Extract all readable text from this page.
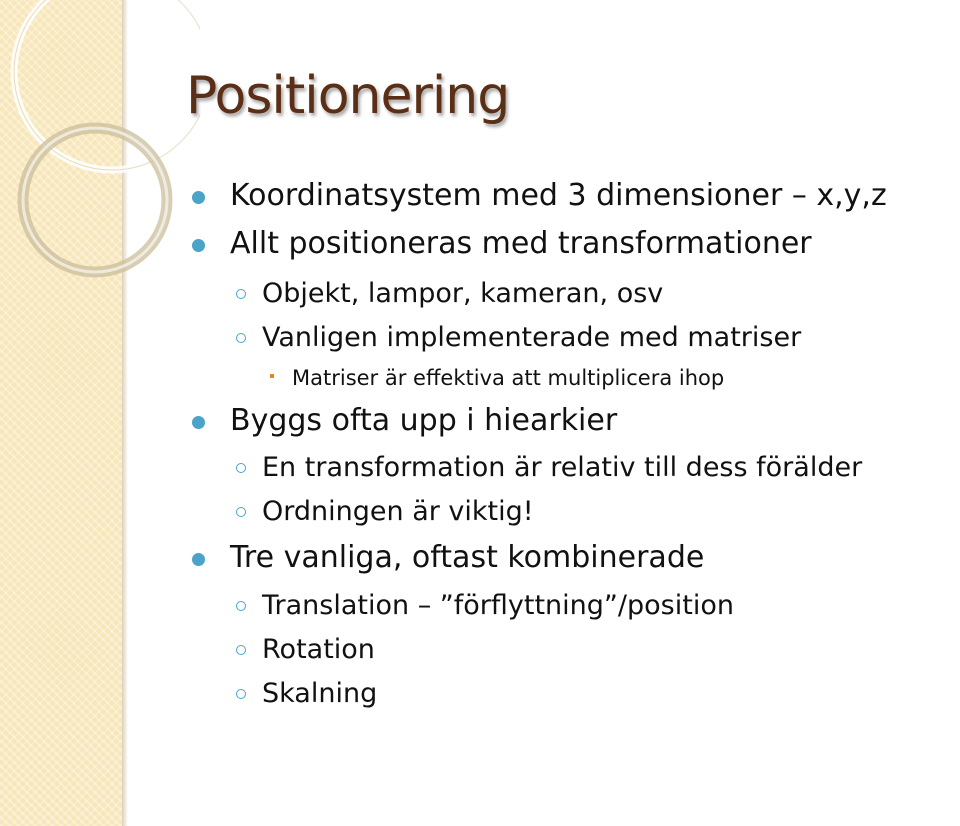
Positionering
Koordinatsystem med 3 dimensioner – x,y,z
Allt positioneras med transformationer
Objekt, lampor, kameran, osv
Vanligen implementerade med matriser
Matriser är effektiva att multiplicera ihop
Byggs ofta upp i hiearkier
En transformation är relativ till dess förälder
Ordningen är viktig!
Tre vanliga, oftast kombinerade
Translation – ”förflyttning”/position
Rotation
Skalning
